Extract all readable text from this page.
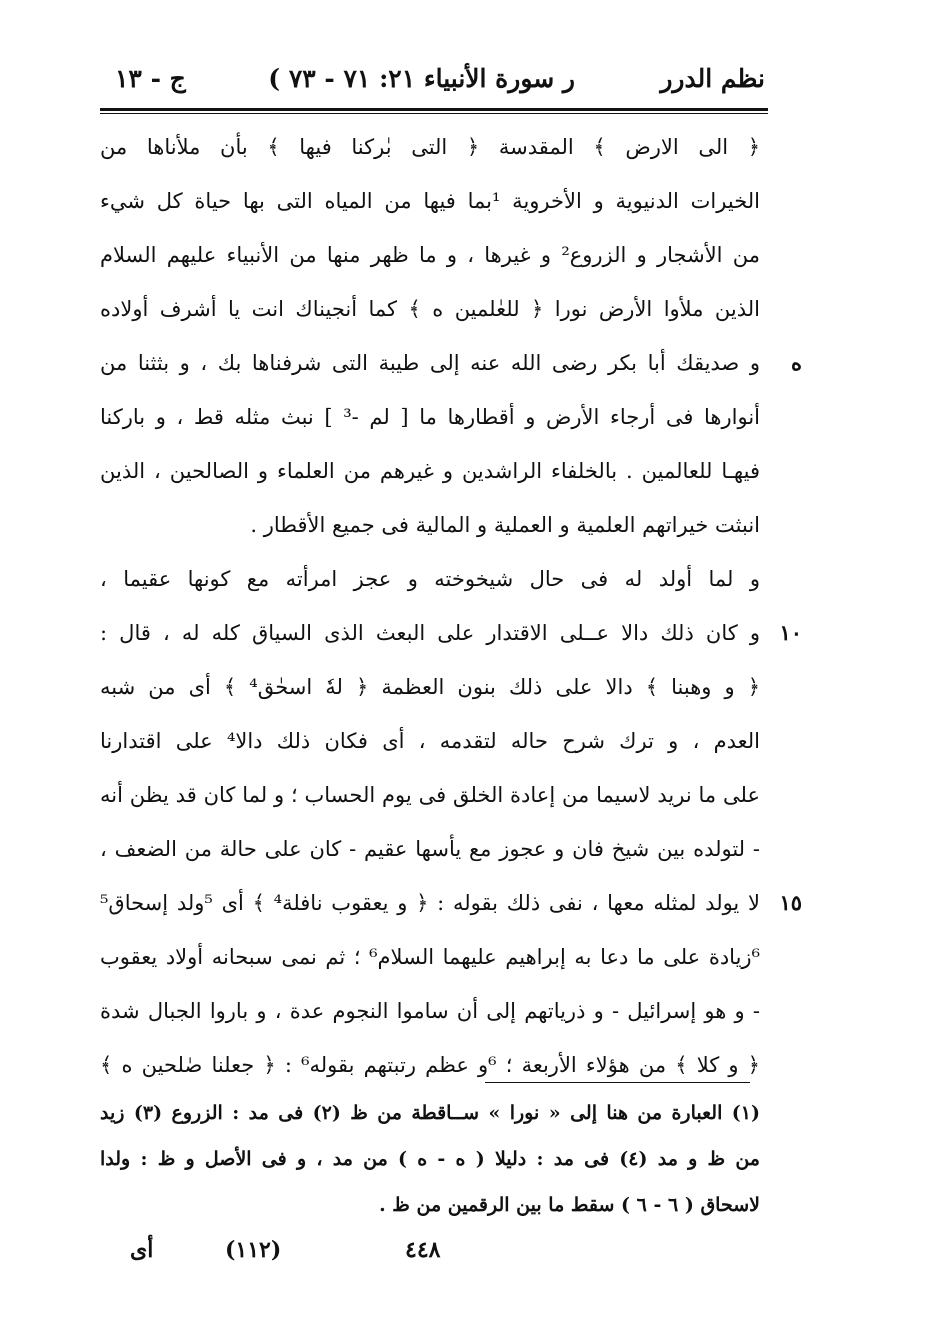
نظم الدرر
ر سورة الأنبياء ٢١: ٧١ - ٧٣ )
ج - ١٣
﴿ الى الارض ﴾ المقدسة ﴿ التى بٰركنا فيها ﴾ بأن ملأناها من
الخيرات الدنيوية و الأخروية ¹بما فيها من المياه التى بها حياة كل شيء
من الأشجار و الزروع² و غيرها ، و ما ظهر منها من الأنبياء عليهم السلام
الذين ملأوا الأرض نورا ﴿ للعٰلمين ه ﴾ كما أنجيناك انت يا أشرف أولاده
و صديقك أبا بكر رضى الله عنه إلى طيبة التى شرفناها بك ، و بثثنا من
أنوارها فى أرجاء الأرض و أقطارها ما [ لم -³ ] نبث مثله قط ، و باركنا
فيهـا للعالمين . بالخلفاء الراشدين و غيرهم من العلماء و الصالحين ، الذين
انبثت خيراتهم العلمية و العملية و المالية فى جميع الأقطار .
و لما أولد له فى حال شيخوخته و عجز امرأته مع كونها عقيما ،
و كان ذلك دالا عــلى الاقتدار على البعث الذى السياق كله له ، قال :
﴿ و وهبنا ﴾ دالا على ذلك بنون العظمة ﴿ لهٗ اسحٰق⁴ ﴾ أى من شبه
العدم ، و ترك شرح حاله لتقدمه ، أى فكان ذلك دالا⁴ على اقتدارنا
على ما نريد لاسيما من إعادة الخلق فى يوم الحساب ؛ و لما كان قد يظن أنه
- لتولده بين شيخ فان و عجوز مع يأسها عقيم - كان على حالة من الضعف ،
لا يولد لمثله معها ، نفى ذلك بقوله : ﴿ و يعقوب نافلة⁴ ﴾ أى ⁵ولد إسحاق⁵
⁶زيادة على ما دعا به إبراهيم عليهما السلام⁶ ؛ ثم نمى سبحانه أولاد يعقوب
- و هو إسرائيل - و ذرياتهم إلى أن ساموا النجوم عدة ، و باروا الجبال شدة
﴿ و كلا ﴾ من هؤلاء الأربعة ؛ ⁶و عظم رتبتهم بقوله⁶ : ﴿ جعلنا صٰلحين ه ﴾
(١) العبارة من هنا إلى « نورا » ســاقطة من ظ (٢) فى مد : الزروع (٣) زيد
من ظ و مد (٤) فى مد : دليلا ( ه - ه ) من مد ، و فى الأصل و ظ : ولدا
لاسحاق ( ٦ - ٦ ) سقط ما بين الرقمين من ظ .
٤٤٨
(١١٢)
أى
ه
١٠
١٥
